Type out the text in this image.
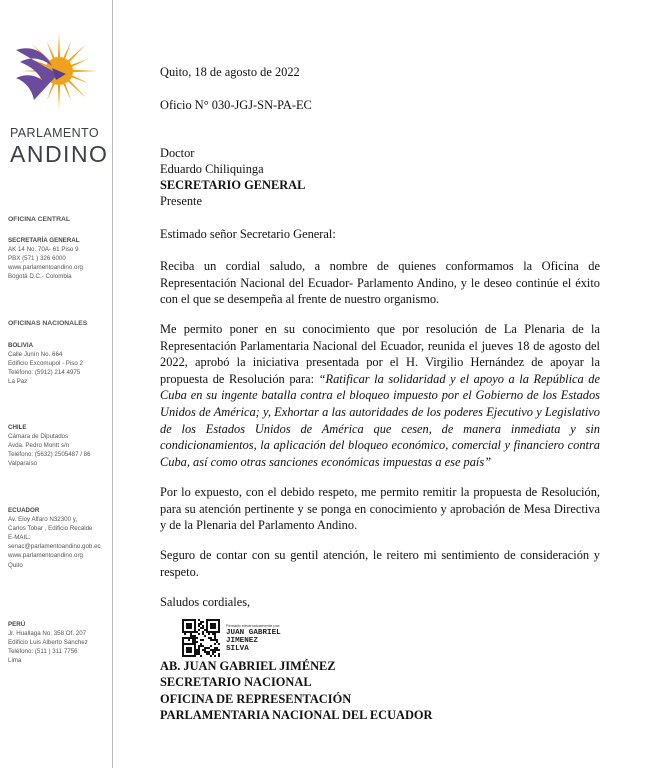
PARLAMENTO
ANDINO
OFICINA CENTRAL
SECRETARÍA GENERAL
AK 14 No. 70A- 61 Piso 9
PBX (571 ) 326 6000
www.parlamentoandino.org
Bogotá D.C.- Colombia
OFICINAS NACIONALES
BOLIVIA
Calle Junín No. 664
Edificio Excomupol - Piso 2
Teléfono: (5912) 214 4975
La Paz
CHILE
Cámara de Diputados
Avda. Pedro Montt s/n
Teléfono: (5632) 2505487 / 86
Valparaíso
ECUADOR
Av. Eloy Alfaro N32300 y,
Carlos Tobar , Edificio Recalde
E-MAIL:
senac@parlamentoandino.gob.ec
www.parlamentoandino.org
Quito
PERÚ
Jr. Huallaga No. 358 Of. 207
Edificio Luis Alberto Sánchez
Teléfono: (511 ) 311 7756
Lima
Quito, 18 de agosto de 2022
Oficio N° 030-JGJ-SN-PA-EC
Doctor
Eduardo Chiliquinga
SECRETARIO GENERAL
Presente
Estimado señor Secretario General:

Reciba un cordial saludo, a nombre de quienes conformamos la Oficina de Representación Nacional del Ecuador- Parlamento Andino, y le deseo continúe el éxito con el que se desempeña al frente de nuestro organismo.

Me permito poner en su conocimiento que por resolución de La Plenaria de la Representación Parlamentaria Nacional del Ecuador, reunida el jueves 18 de agosto del 2022, aprobó la iniciativa presentada por el H. Virgilio Hernández de apoyar la propuesta de Resolución para: “Ratificar la solidaridad y el apoyo a la República de Cuba en su ingente batalla contra el bloqueo impuesto por el Gobierno de los Estados Unidos de América; y, Exhortar a las autoridades de los poderes Ejecutivo y Legislativo de los Estados Unidos de América que cesen, de manera inmediata y sin condicionamientos, la aplicación del bloqueo económico, comercial y financiero contra Cuba, así como otras sanciones económicas impuestas a ese país”

Por lo expuesto, con el debido respeto, me permito remitir la propuesta de Resolución, para su atención pertinente y se ponga en conocimiento y aprobación de Mesa Directiva y de la Plenaria del Parlamento Andino.

Seguro de contar con su gentil atención, le reitero mi sentimiento de consideración y respeto.

Saludos cordiales,
Firmado electrónicamente por:
JUAN GABRIEL
JIMENEZ
SILVA
AB. JUAN GABRIEL JIMÉNEZ
SECRETARIO NACIONAL
OFICINA DE REPRESENTACIÓN
PARLAMENTARIA NACIONAL DEL ECUADOR
